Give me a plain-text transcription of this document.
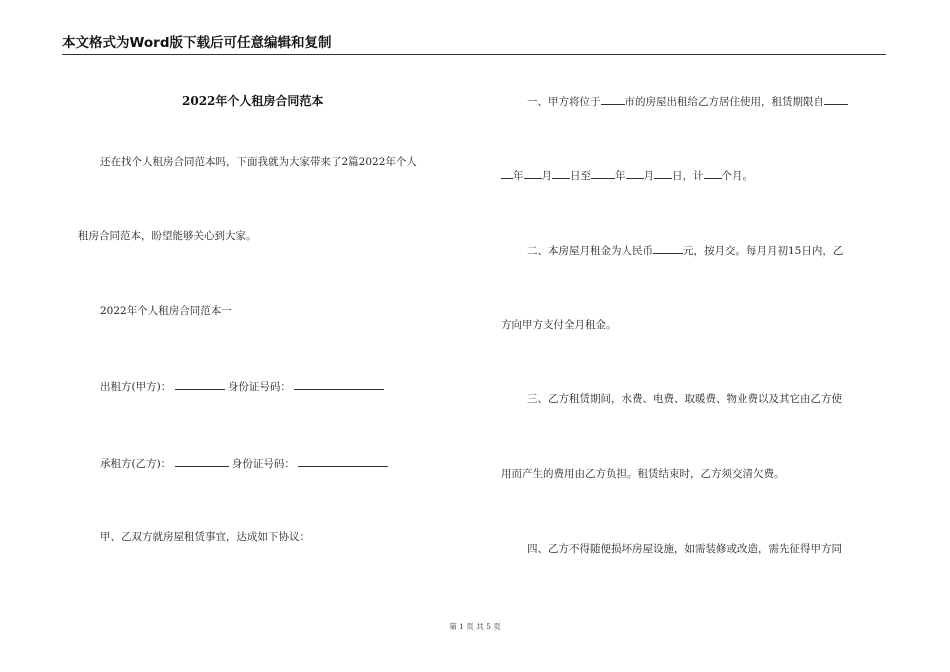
本文格式为Word版下载后可任意编辑和复制
2022年个人租房合同范本
还在找个人租房合同范本吗，下面我就为大家带来了2篇2022年个人
租房合同范本，盼望能够关心到大家。
2022年个人租房合同范本一
出租方(甲方)：	身份证号码：
承租方(乙方)：	身份证号码：
甲、乙双方就房屋租赁事宜，达成如下协议：
一、甲方将位于 市的房屋出租给乙方居住使用，租赁期限自
年 月 日至 年 月 日，计 个月。
二、本房屋月租金为人民币	元，按月交。每月月初15日内，乙
方向甲方支付全月租金。
三、乙方租赁期间，水费、电费、取暖费、物业费以及其它由乙方使
用而产生的费用由乙方负担。租赁结束时，乙方须交清欠费。
四、乙方不得随便损坏房屋设施，如需装修或改造，需先征得甲方同
第 1 页 共 5 页
